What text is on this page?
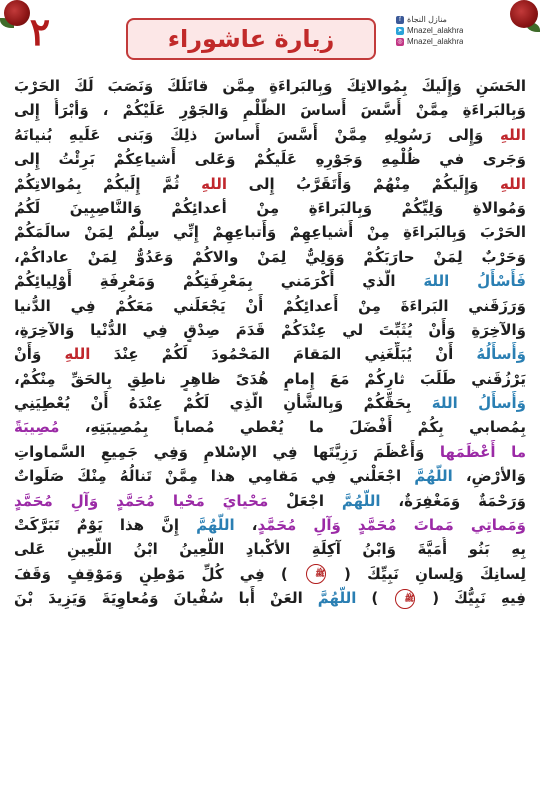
٢	زيارة عاشوراء
f منازل النجاة
➤ Mnazel_alakhra
◎ Mnazel_alakhra
الحَسَنِ وَإِلَيكَ بِمُوالاتِكَ وَبِالبَراءَةِ مِمَّن قاتَلَكَ وَنَصَبَ لَكَ الحَرْبَ
وَبِالبَراءَةِ مِمَّنْ أَسَّسَ أَساسَ الظُّلْمِ وَالجَوْرِ عَلَيْكُمْ ، وَأبْرَأُ إِلى
اللهِ وَإِلى رَسُولِهِ مِمَّنْ أَسَّسَ أَساسَ ذلِكَ وَبَنى عَلَيهِ بُنيانَهُ
وَجَرى في ظُلْمِهِ وَجَوْرِهِ عَلَيكُمْ وَعَلى أَشياعِكُمْ بَرِئْتُ إِلى
اللهِ وَإِلَيكُمْ مِنْهُمْ وَأَتَقَرَّبُ إِلى اللهِ ثُمَّ إِلَيكُمْ بِمُوالاتِكُمْ
وَمُوالاةِ وَلِيِّكُمْ وَبِالبَراءَةِ مِنْ أعدائِكُمْ وَالنَّاصِبِينَ لَكُمُ
الحَرْبَ وَبِالبَراءَةِ مِنْ أَشياعِهِمْ وَأَتباعِهِمْ إِنِّي سِلْمٌ لِمَنْ سالَمَكُمْ
وَحَرْبٌ لِمَنْ حارَبَكُمْ وَوَلِيٌّ لِمَنْ والاكُمْ وَعَدُوٌّ لِمَنْ عاداكُمْ،
فَأَسْأَلُ اللهَ الَّذي أَكْرَمَني بِمَعْرِفَتِكُمْ وَمَعْرِفَةِ أَوْلِيائِكُمْ
وَرَزَقَني البَراءَةَ مِنْ أَعدائِكُمْ أَنْ يَجْعَلَني مَعَكُمْ فِي الدُّنيا
وَالآخِرَةِ وَأَنْ يُثَبِّتَ لي عِنْدَكُمْ قَدَمَ صِدْقٍ فِي الدُّنْيا وَالآخِرَةِ،
وَأَسأَلُهُ أَنْ يُبَلِّغَنِي المَقامَ المَحْمُودَ لَكُمْ عِنْدَ اللهِ وَأَنْ
يَرْزُقَني طَلَبَ ثارِكُمْ مَعَ إِمامٍ هُدَىً ظاهِرٍ ناطِقٍ بِالحَقِّ مِنْكُمْ،
وَأَسأَلُ اللهَ بِحَقِّكُمْ وَبِالشَّأنِ الَّذِي لَكُمْ عِنْدَهُ أَنْ يُعْطِيَنِي
بِمُصابي بِكُمْ أَفْضَلَ ما يُعْطي مُصاباً بِمُصِيبَتِهِ، مُصِيبَةً
ما أَعْظَمَها وَأَعْظَمَ رَزِيَّتَها فِي الإسْلامِ وَفِي جَمِيعِ السَّماواتِ
وَالأرْضِ، اللّهُمَّ اجْعَلْني فِي مَقامِي هذا مِمَّنْ تَنالُهُ مِنْكَ صَلَواتٌ
وَرَحْمَةٌ وَمَغْفِرَةٌ، اللّهُمَّ اجْعَلْ مَحْيايَ مَحْيا مُحَمَّدٍ وَآلِ مُحَمَّدٍ
وَمَماتِي مَماتَ مُحَمَّدٍ وَآلِ مُحَمَّدٍ، اللّهُمَّ إِنَّ هذا يَوْمٌ تَبَرَّكَتْ
بِهِ بَنُو أُمَيَّةَ وَابْنُ آكِلَةِ الأكْبادِ اللَّعِينُ ابْنُ اللَّعِينِ عَلى
لِسانِكَ وَلِسانِ نَبِيِّكَ ( ﷺ ) فِي كُلِّ مَوْطِنٍ وَمَوْقِفٍ وَقَفَ
فِيهِ نَبِيُّكَ ( ﷺ ) اللّهُمَّ العَنْ أَبا سُفْيانَ وَمُعاوِيَةَ وَيَزِيدَ بْنَ
